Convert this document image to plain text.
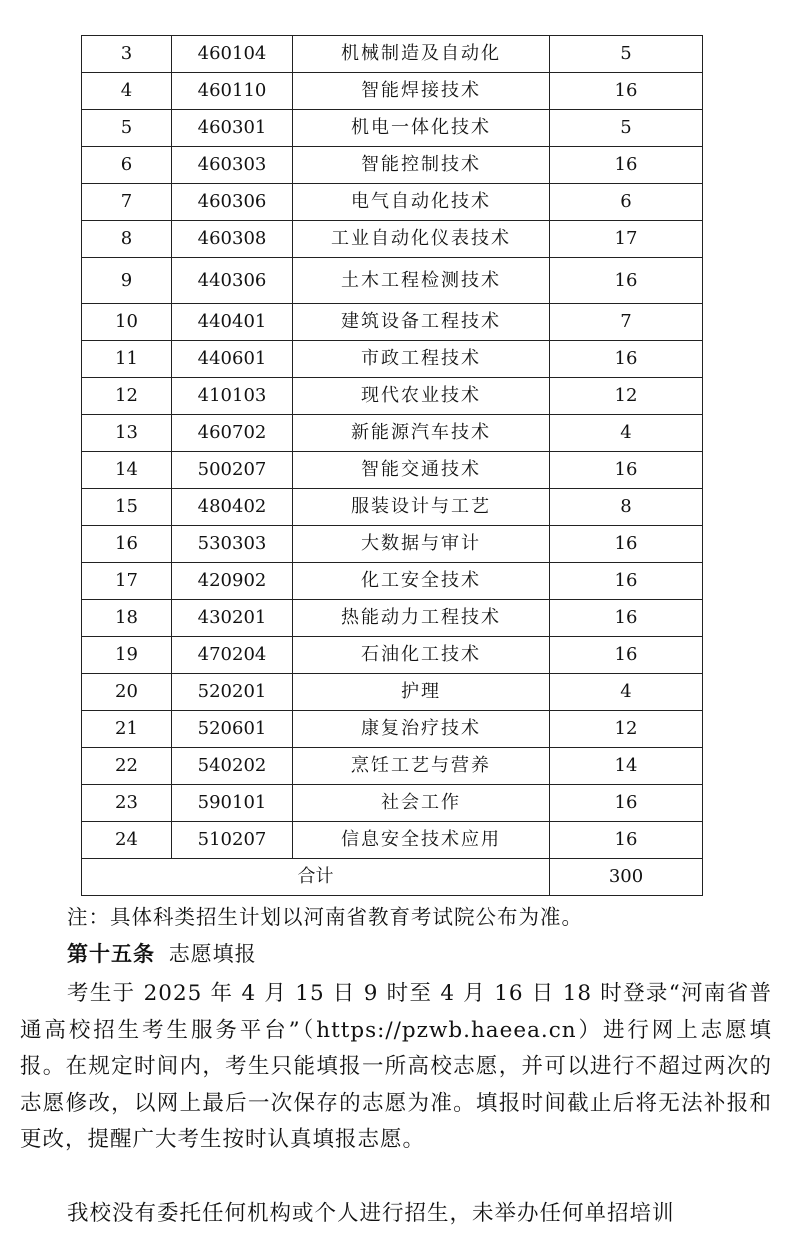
3	460104	机械制造及自动化	5
4	460110	智能焊接技术	16
5	460301	机电一体化技术	5
6	460303	智能控制技术	16
7	460306	电气自动化技术	6
8	460308	工业自动化仪表技术	17
9	440306	土木工程检测技术	16
10	440401	建筑设备工程技术	7
11	440601	市政工程技术	16
12	410103	现代农业技术	12
13	460702	新能源汽车技术	4
14	500207	智能交通技术	16
15	480402	服装设计与工艺	8
16	530303	大数据与审计	16
17	420902	化工安全技术	16
18	430201	热能动力工程技术	16
19	470204	石油化工技术	16
20	520201	护理	4
21	520601	康复治疗技术	12
22	540202	烹饪工艺与营养	14
23	590101	社会工作	16
24	510207	信息安全技术应用	16
合计			300
注：具体科类招生计划以河南省教育考试院公布为准。
第十五条 志愿填报

考生于 2025 年 4 月 15 日 9 时至 4 月 16 日 18 时登录“河南省普通高校招生考生服务平台”（https://pzwb.haeea.cn）进行网上志愿填报。在规定时间内，考生只能填报一所高校志愿，并可以进行不超过两次的志愿修改，以网上最后一次保存的志愿为准。填报时间截止后将无法补报和更改，提醒广大考生按时认真填报志愿。

我校没有委托任何机构或个人进行招生，未举办任何单招培训
